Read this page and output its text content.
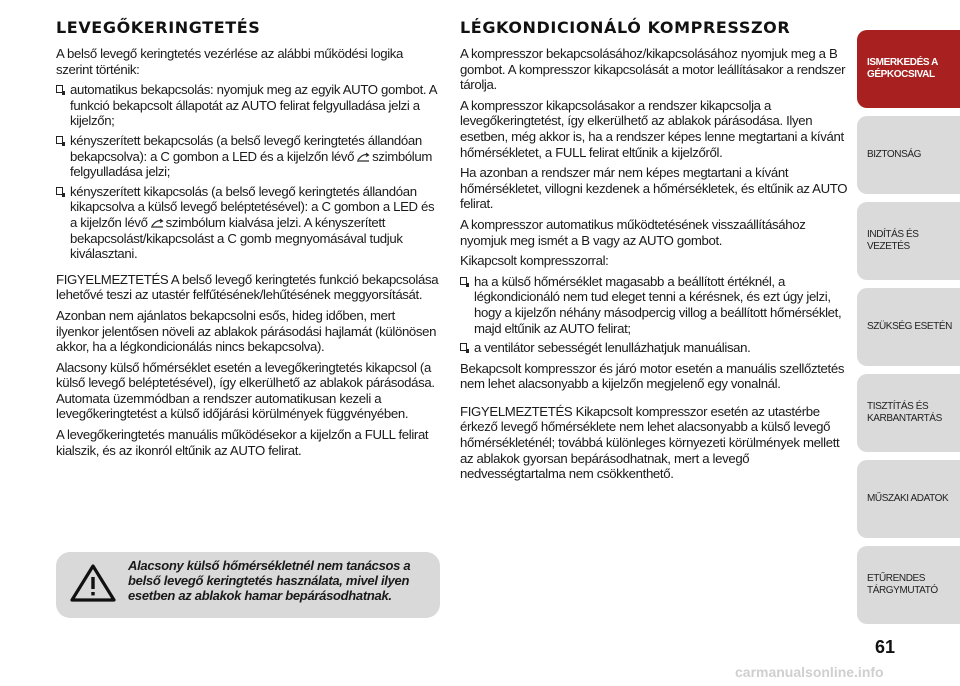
LEVEGŐKERINGTETÉS

A belső levegő keringtetés vezérlése az alábbi működési logika szerint történik:

automatikus bekapcsolás: nyomjuk meg az egyik AUTO gombot. A funkció bekapcsolt állapotát az AUTO felirat felgyulladása jelzi a kijelzőn;
kényszerített bekapcsolás (a belső levegő keringtetés állandóan bekapcsolva): a C gombon a LED és a kijelzőn lévő szimbólum felgyulladása jelzi;
kényszerített kikapcsolás (a belső levegő keringtetés állandóan kikapcsolva a külső levegő beléptetésével): a C gombon a LED és a kijelzőn lévő szimbólum kialvása jelzi. A kényszerített bekapcsolást/kikapcsolást a C gomb megnyomásával tudjuk kiválasztani.

FIGYELMEZTETÉS A belső levegő keringtetés funkció bekapcsolása lehetővé teszi az utastér felfűtésének/lehűtésének meggyorsítását.

Azonban nem ajánlatos bekapcsolni esős, hideg időben, mert ilyenkor jelentősen növeli az ablakok párásodási hajlamát (különösen akkor, ha a légkondicionálás nincs bekapcsolva).

Alacsony külső hőmérséklet esetén a levegőkeringtetés kikapcsol (a külső levegő beléptetésével), így elkerülhető az ablakok párásodása. Automata üzemmódban a rendszer automatikusan kezeli a levegőkeringtetést a külső időjárási körülmények függvényében.

A levegőkeringtetés manuális működésekor a kijelzőn a FULL felirat kialszik, és az ikonról eltűnik az AUTO felirat.

Alacsony külső hőmérsékletnél nem tanácsos a belső levegő keringtetés használata, mivel ilyen esetben az ablakok hamar bepárásodhatnak.
LÉGKONDICIONÁLÓ KOMPRESSZOR

A kompresszor bekapcsolásához/kikapcsolásához nyomjuk meg a B gombot. A kompresszor kikapcsolását a motor leállításakor a rendszer tárolja.

A kompresszor kikapcsolásakor a rendszer kikapcsolja a levegőkeringtetést, így elkerülhető az ablakok párásodása. Ilyen esetben, még akkor is, ha a rendszer képes lenne megtartani a kívánt hőmérsékletet, a FULL felirat eltűnik a kijelzőről.

Ha azonban a rendszer már nem képes megtartani a kívánt hőmérsékletet, villogni kezdenek a hőmérsékletek, és eltűnik az AUTO felirat.

A kompresszor automatikus működtetésének visszaállításához nyomjuk meg ismét a B vagy az AUTO gombot.

Kikapcsolt kompresszorral:

ha a külső hőmérséklet magasabb a beállított értéknél, a légkondicionáló nem tud eleget tenni a kérésnek, és ezt úgy jelzi, hogy a kijelzőn néhány másodpercig villog a beállított hőmérséklet, majd eltűnik az AUTO felirat;
a ventilátor sebességét lenullázhatjuk manuálisan.

Bekapcsolt kompresszor és járó motor esetén a manuális szellőztetés nem lehet alacsonyabb a kijelzőn megjelenő egy vonalnál.

FIGYELMEZTETÉS Kikapcsolt kompresszor esetén az utastérbe érkező levegő hőmérséklete nem lehet alacsonyabb a külső levegő hőmérsékleténél; továbbá különleges környezeti körülmények mellett az ablakok gyorsan bepárásodhatnak, mert a levegő nedvességtartalma nem csökkenthető.

ISMERKEDÉS A GÉPKOCSIVAL
BIZTONSÁG
INDÍTÁS ÉS VEZETÉS
SZÜKSÉG ESETÉN
TISZTÍTÁS ÉS KARBANTARTÁS
MŰSZAKI ADATOK
ETŰRENDES TÁRGYMUTATÓ
61
carmanualsonline.info
